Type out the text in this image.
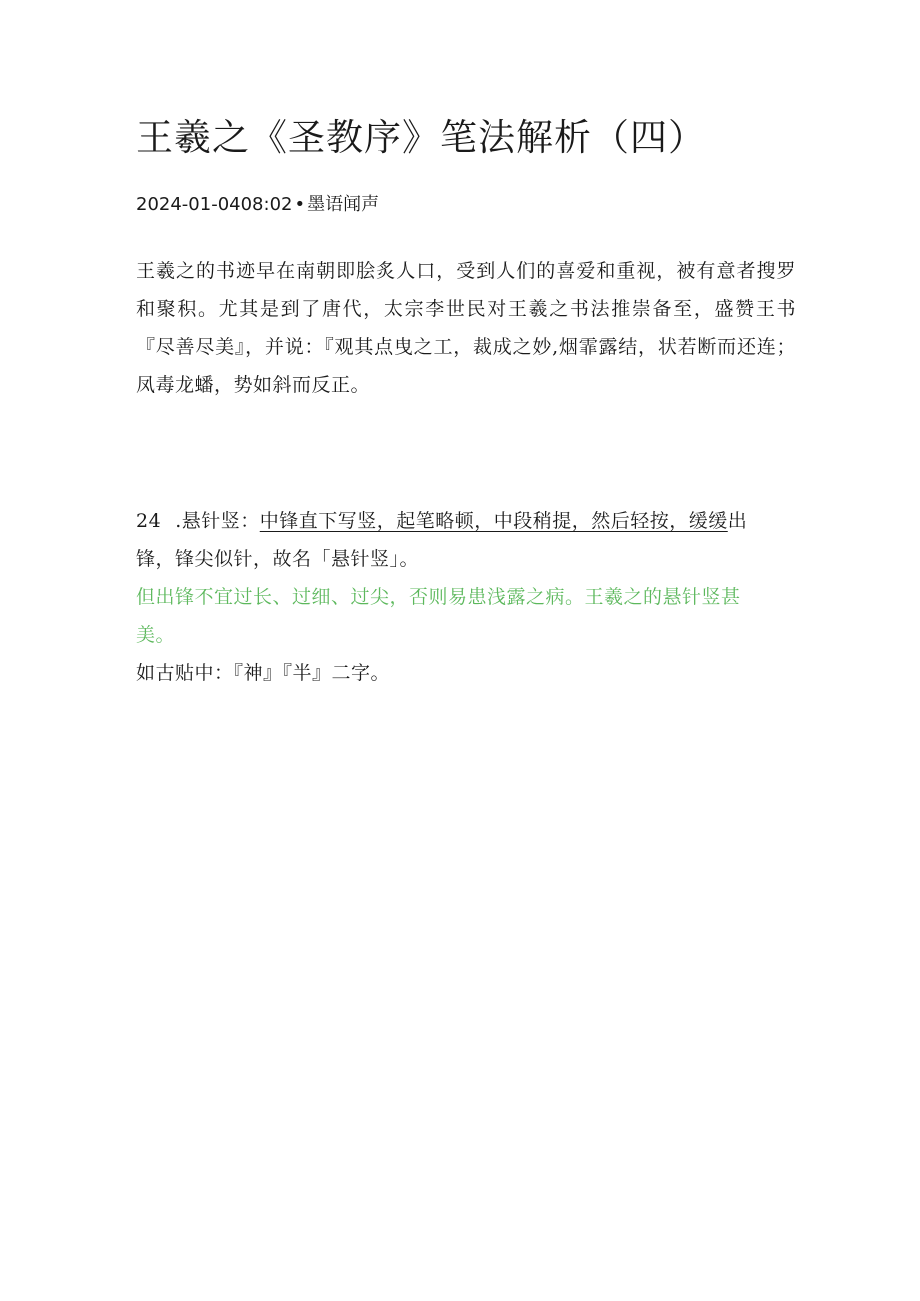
王羲之《圣教序》笔法解析（四）
2024-01-0408:02 • 墨语闻声

王羲之的书迹早在南朝即脍炙人口，受到人们的喜爱和重视，被有意者搜罗和聚积。尤其是到了唐代，太宗李世民对王羲之书法推崇备至，盛赞王书『尽善尽美』，并说：『观其点曳之工，裁成之妙,烟霏露结，状若断而还连；凤毒龙蟠，势如斜而反正。

24 .悬针竖：中锋直下写竖，起笔略顿，中段稍提，然后轻按，缓缓出锋，锋尖似针，故名「悬针竖」。

但出锋不宜过长、过细、过尖，否则易患浅露之病。王羲之的悬针竖甚美。

如古贴中：『神』『半』二字。
